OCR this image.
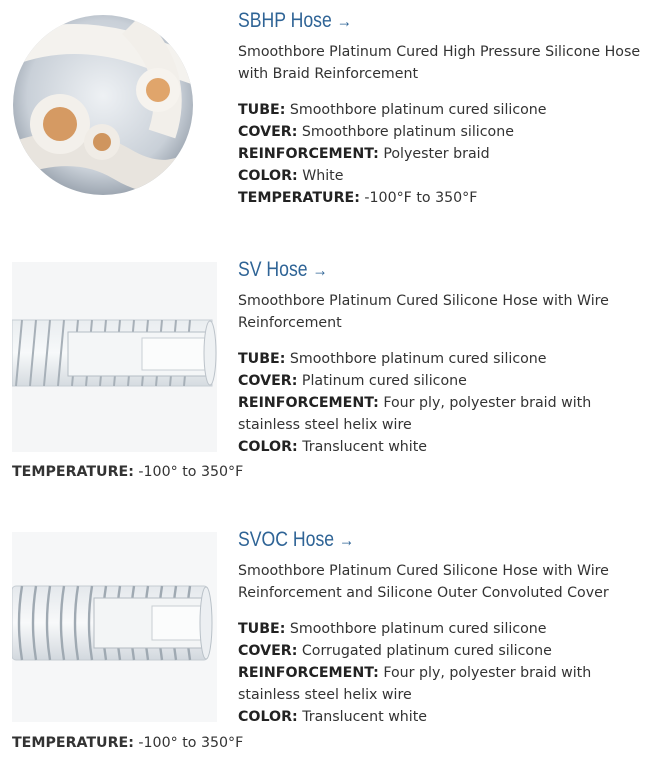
SBHP Hose →
Smoothbore Platinum Cured High Pressure Silicone Hose with Braid Reinforcement
TUBE: Smoothbore platinum cured silicone
COVER: Smoothbore platinum silicone
REINFORCEMENT: Polyester braid
COLOR: White
TEMPERATURE: -100°F to 350°F
SV Hose →
Smoothbore Platinum Cured Silicone Hose with Wire Reinforcement
TUBE: Smoothbore platinum cured silicone
COVER: Platinum cured silicone
REINFORCEMENT: Four ply, polyester braid with stainless steel helix wire
COLOR: Translucent white
TEMPERATURE: -100° to 350°F
SVOC Hose →
Smoothbore Platinum Cured Silicone Hose with Wire Reinforcement and Silicone Outer Convoluted Cover
TUBE: Smoothbore platinum cured silicone
COVER: Corrugated platinum cured silicone
REINFORCEMENT: Four ply, polyester braid with stainless steel helix wire
COLOR: Translucent white
TEMPERATURE: -100° to 350°F
